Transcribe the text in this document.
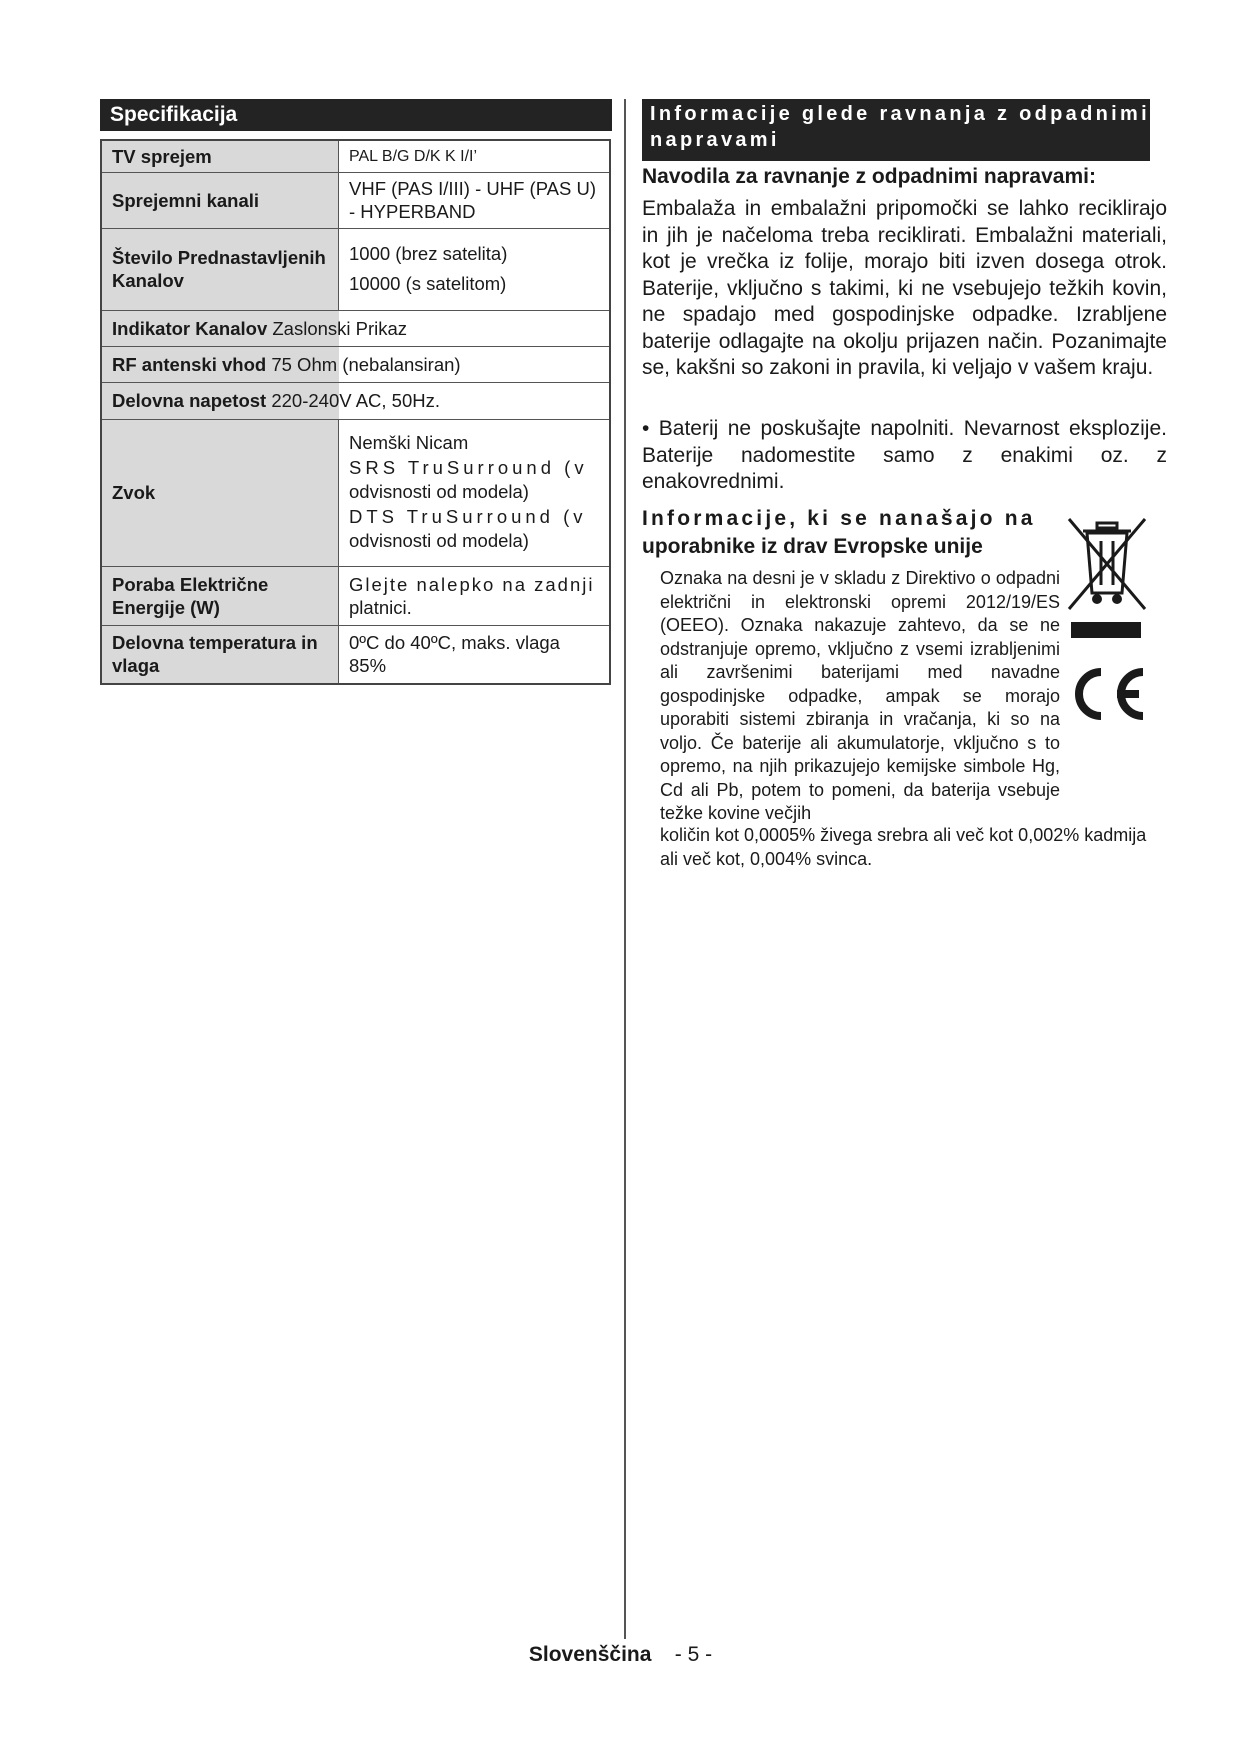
Specifikacija
TV sprejem	PAL B/G D/K K I/I’
Sprejemni kanali	VHF (PAS I/III) - UHF (PAS U) - HYPERBAND
Število Prednastavljenih Kanalov	1000 (brez satelita)
10000 (s satelitom)

Indikator Kanalov Zaslonski Prikaz	
RF antenski vhod 75 Ohm (nebalansiran)	
Delovna napetost 220-240V AC, 50Hz.	
Zvok	Nemški Nicam
SRS TruSurround (v
odvisnosti od modela)
DTS TruSurround (v
odvisnosti od modela)

Poraba Električne Energije (W)	Glejte nalepko na zadnji
platnici.

Delovna temperatura in vlaga	0ºC do 40ºC, maks. vlaga 85%
Informacije glede ravnanja z odpadnimi napravami
Navodila za ravnanje z odpadnimi napravami:
Embalaža in embalažni pripomočki se lahko reciklirajo in jih je načeloma treba reciklirati. Embalažni materiali, kot je vrečka iz folije, morajo biti izven dosega otrok. Baterije, vključno s takimi, ki ne vsebujejo težkih kovin, ne spadajo med gospodinjske odpadke. Izrabljene baterije odlagajte na okolju prijazen način. Pozanimajte se, kakšni so zakoni in pravila, ki veljajo v vašem kraju.
• Baterij ne poskušajte napolniti. Nevarnost eksplozije. Baterije nadomestite samo z enakimi oz. z enakovrednimi.
Informacije, ki se nanašajo na
uporabnike iz drav Evropske unije
Oznaka na desni je v skladu z Direktivo o odpadni električni in elektronski opremi 2012/19/ES (OEEO). Oznaka nakazuje zahtevo, da se ne odstranjuje opremo, vključno z vsemi izrabljenimi ali završenimi baterijami med navadne gospodinjske odpadke, ampak se morajo uporabiti sistemi zbiranja in vračanja, ki so na voljo. Če baterije ali akumulatorje, vključno s to opremo, na njih prikazujejo kemijske simbole Hg, Cd ali Pb, potem to pomeni, da baterija vsebuje težke kovine večjih
količin kot 0,0005% živega srebra ali več kot 0,002% kadmija ali več kot, 0,004% svinca.
Slovenščina - 5 -
